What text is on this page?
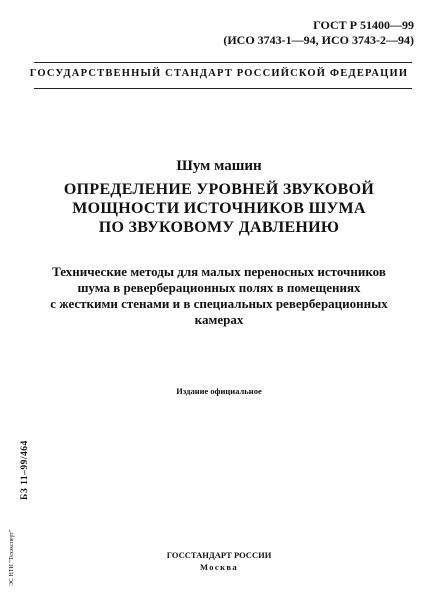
ГОСТ Р 51400—99
(ИСО 3743-1—94, ИСО 3743-2—94)
ГОСУДАРСТВЕННЫЙ СТАНДАРТ РОССИЙСКОЙ ФЕДЕРАЦИИ
Шум машин
ОПРЕДЕЛЕНИЕ УРОВНЕЙ ЗВУКОВОЙ
МОЩНОСТИ ИСТОЧНИКОВ ШУМА
ПО ЗВУКОВОМУ ДАВЛЕНИЮ
Технические методы для малых переносных источников
шума в реверберационных полях в помещениях
с жесткими стенами и в специальных реверберационных
камерах
Издание официальное
БЗ 11–99/464
ЭС НТИ "Техэксперт"	ГОССТАНДАРТ РОССИИ
Москва
